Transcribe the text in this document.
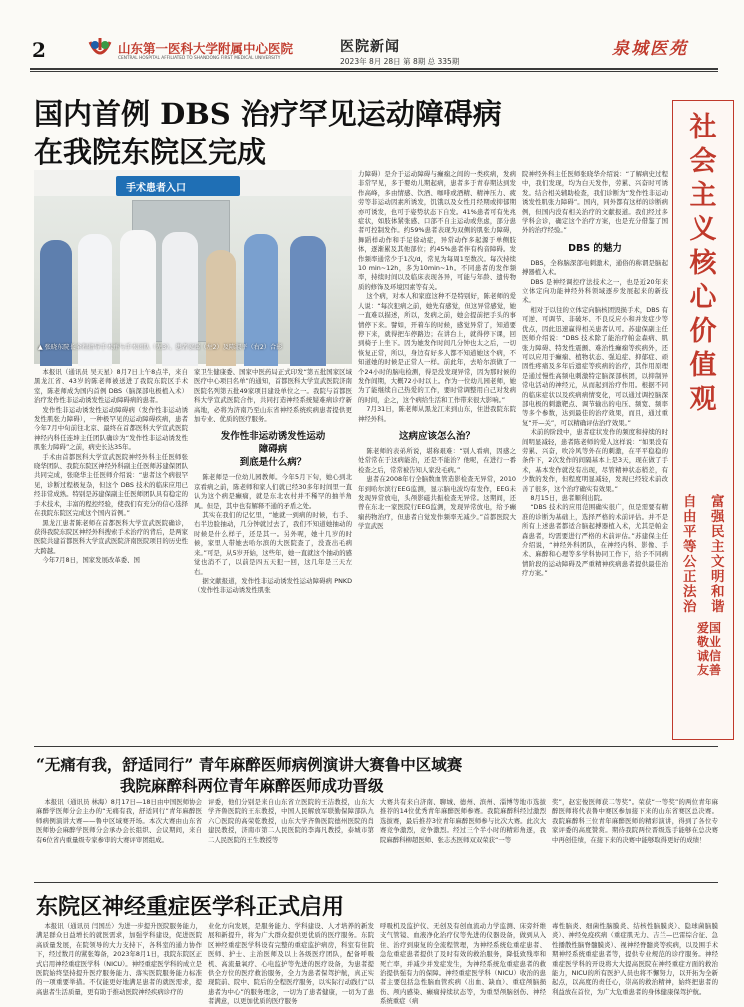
2	山东第一医科大学附属中心医院
CENTRAL HOSPITAL AFFILIATED TO SHANDONG FIRST MEDICAL UNIVERSITY
医院新闻
2023年 8月 28日 第 8期 总 335期
泉城医苑
国内首例 DBS 治疗罕见运动障碍病
在我院东院区完成
手术患者入口
▲ 张晓东院长全程指导手术并与手术团队（左3）、患者家属（左2）及陈淑平（右2）合影

本报讯（通讯员 吴天星）8月7日上午8点半，来自黑龙江省、43岁的陈老师被送进了我院东院区手术室，陈老师成为国内首例 DBS（脑深部电极植入术）治疗发作性非运动诱发性运动障碍病的患者。

发作性非运动诱发性运动障碍病（发作性非运动诱发性肌张力障碍），一种极罕见的运动障碍疾病，患者今年7月中旬前往北京、最终在首都医科大学宣武医院神经内科任连坤主任团队确诊为“发作性非运动诱发性肌张力障碍”之前，病史长达35年。

手术由首都医科大学宣武医院神经外科主任医师张晓华团队、我院东院区神经外科副主任医师苏建保团队共同完成，张晓华主任医师介绍说：“患者这个病很罕见，诊断过程极复杂，但这个 DBS 技术的临床应用已经非常成熟。特别是苏建保副主任医师团队具有稳定的手术技术，丰富的程控经验，使我们有充分的信心选择在我院东院区完成这个国内首例。”

黑龙江患者陈老师在首都医科大学宣武医院确诊，获得我院东院区神经外科搜索手术治疗的背后，是两家医院共建首都医科大学宣武医院济南医院项目的历史性大跨越。

今年7月8日，国家发展改革委、国

家卫生健康委、国家中医药局正式印发“第五批国家区域医疗中心项目名单”的通知，首都医科大学宣武医院济南医院名列第五批49家项目建设单位之一。我院与首都医科大学宣武医院合作，共同打造神经系统疑难病诊疗新高地，必将为济南乃至山东省神经系统疾病患者提供更加专业、优质的医疗服务。

发作性非运动诱发性运动
障碍病
到底是什么病？

陈老师是一位幼儿园教师。今年5月下旬，她心到北京看病之前，陈老师和家人们就已经30多年时间里一直认为这个病是癫痫，就是东北农村并不稀罕的抽羊角风。但是，其中也有解释不通的矛盾之处。

其实在我们的记忆里，“她就一到病的时候，右手、右半边脸抽动，几分钟就过去了，我们不知道她抽动的时候是什么样子，还是其一。另外呢，她十几岁的时候，家里人带她去哈尔滨的大医院查了，没查出毛病来。”可是，从5岁开始，这些年，她一直就这个抽动的感觉也消不了，以前是四五天犯一回，这几年是三天左右。

据文献报道，发作性非运动诱发性运动障碍病 PNKD（发作性非运动诱发性肌张

力障碍）是介于运动障碍与癫痫之间的一类疾病，发病非常罕见，多于婴幼儿期起病，患者多于青春期达到发作高峰，多由情感、饮酒、咖啡或酒精、精神压力、疲劳等非运动因素所诱发，饥饿以及女性月经期或抑郁期亦可诱发，也可于姿势状态下自发。41%患者可有先兆症状，如肢体紧张感、口部不自主运动或焦虑，部分患者可控制发作。约59%患者表现为双侧的肌张力障碍，舞蹈样动作和手足徐动症，异常动作多起源于单侧肢体，逐渐累及其他部位；约45%患者伴有构音障碍。发作频率通常少于1次/d，常见为每周1至数次。每次持续10 min~12h，多为10min~1h。不同患者的发作频率，持续时间以及临床表现各异，可能与年龄、遗传物质的修饰及环境因素等有关。

这个病，对本人和家庭这种不是特别好，陈老师的爱人说：“每次犯病之前，她先有感觉，但这异常感觉，她一直难以描述，所以，发病之前，她会提前把手头的事情停下来。譬如，开着车的时候，感觉异常了，知道要停下来，就得把车停路边；在讲台上，就得停下课，回到椅子上坐下。因为她发作时间几分钟也太之后，一切恢复正常，所以，身边有好多人都不知道她这个病，不知道她的时候是正常人一样。前此年，去哈尔滨做了一个24小时的脑电检测，得是没发现异常，因为那时候的发作间期，大概72小时以上。作为一位幼儿园老师，她为了能继续自己热爱的工作，要时常调整用自己对发病的时间，企之，这个病给生活和工作带来很大影响。”

7月31日，陈老师从黑龙江来到山东，住进我院东院神经外科。

这病应该怎么治？

陈老师的表弟所说，堪称艰难：“别人看病，因感之处常常在于这病能治，还是不能治？他呢，在进行一番检查之后，常常被告知人家没毛病。”

患者在2008年行全脑数血管造影检查无异常，2010年到哈尔滨行EEG监测，显示脑电波均有发作，EEG未发现异常放电，头颅影磁共振检查无异常。这期间，还曾在东北一家医院行EEG监测，发现异常放电，给予癫痫药物治疗，但患者自觉发作频率无减少。”首都医院大学宣武医

院神经外科主任医师张晓华介绍说：“了解病史过程中，我们发现，均为白天发作，劳累、兴奋时可诱发。结合相关辅助检查，我们诊断为“发作性非运动诱发性肌张力障碍”。国内，同外都有这样的诊断病例，但国内没有相关治疗的文献报道。我们经过多学科会诊，确定这个治疗方案，也是充分借鉴了国外的治疗经验。”

DBS 的魅力

DBS，全称脑深部电刺激术，通俗的称谓是脑起搏器植入术。

DBS 是神经调控疗法技术之一，也是近20年来立体定向功能神经外科领域逐步发展起来的新技术。

相对于以往的立体定向脑核团毁损手术，DBS 有可逆、可调节、非破坏、不良反应小和并发症少等优点，因此迅速赢得相关患者认可。苏建保副主任医师介绍说：“DBS 技术除了能治疗帕金森病、肌张力障碍、特发性震颤、难治性癫痫等疾病外，还可以应用于癫痫、植物状态、强迫症、抑郁症、顽固性疼痛及多年后遗症等疾病的治疗，其作用原理是通过慢性高频电刺激特定脑深部核团，以抑制异常电活动的神经元，从而起到治疗作用。根据不同的临床症状以及疾病病情变化，可以通过调控脑深部电极的刺激靶点、调节输出的电压、频宽、频率等多个参数，达到最佳的治疗效果，而且，通过重复“开—关”，可以精确评估治疗效果。”

术前的阶段中，患者症状发作的频度和持续的时间明显减轻，患者陈老师的爱人这样说：“如果没有劳累、兴奋，吹冷风等外在的刺激，在平平稳稳的条件下，2次发作的间隔基本上是3天，现在做了手术，基本发作就没有出现，尽管精神状态稍差，有少数的发作，但程度明显减轻，发现已经较术前改善了很多，这个治疗确实有效果。”

8月15日，患者顺利出院。

“DBS 技术的应用范围确实很广，但是需要有精准的诊断为基础上，选择严格的术前评估。并不是所有上述患者都适合脑起搏器植入术，尤其是帕金森患者，均需要进行严格的术前评估。”苏建保主任介绍说，“神经外科团队，在神经内科、影像、手术、麻醉和心理等多学科协同工作下，给予不同病情阶段的运动障碍及严重精神疾病患者提供最佳治疗方案。”

社会主义核心价值观
富强民主文明和谐
自由平等公正法治
爱国敬业诚信友善
“无痛有我，舒适同行” 青年麻醉医师病例演讲大赛鲁中区域赛
我院麻醉科两位青年麻醉医师成功晋级
本报讯（通讯员 林海）8月17日—18日由中国医师协会麻醉学医师分会主办的“无痛有我，舒适同行”青年麻醉医师病例演讲大赛——鲁中区域赛开场。本次大赛由山东省医师协会麻醉学医师分会承办会长组织、会议期间，来自有6位省内重量级专家参审的大赛评审团组成。
评委，他们分别是来自山东省立医院的王洁教授，山东大学齐鲁医院的王东教授，中国人民解放军联勤保障部队九六〇医院的高荣乾教授，山东大学齐鲁医院德州医院的肖建民教授，济南市第二人民医院的李海凡教授，泰城市第二人民医院的王生教授等
大赛共有来自济南、聊城、德州、滨州、淄博等地市选拔推荐的14位优秀青年麻醉医师参赛。我院麻醉科经过激烈选拔赛，最后推荐3位青年麻醉医师参与比次大赛。此次大赛竞争激烈，竞争激烈。经过三个半小时的精彩角逐，我院麻醉科柳超医师、张志杰医师双双荣获“一等
奖”，赵宏俊医师获二等奖”。荣获“一等奖”的两位青年麻醉医师将代表鲁中赛区参加接下来的山东省赛区总决赛。我院麻醉科三位青年麻醉医师的精彩演讲，得到了各位专家评委的高度赞赏。期待我院两位晋级选手能够在总决赛中再创佳绩，在接下来的决赛中能够取得更好的成绩！
东院区神经重症医学科正式启用
本报讯（通讯员 闫国岳）为进一步提升医院服务能力，满足群众日益增长的就医需求，加强学科建设，促进医院高质量发展，在院领导的大力支持下，各科室的通力协作下，经过数月的紧张筹备，2023年8月1日，我院东院区正式启用神经重症医学科（NICU）。神经重症医学科的成立是医院始终坚持提升医疗服务能力、落实医院服务能力标准的一项重要举措。不仅能更好地满足患者的就医需求，提高患者生活质量，更有助于推动医院神经疾病诊疗的
业化方向发展，是服务能力、学科建设、人才培养的新发展和新提升，将为广大群众提供更优质的医疗服务。东院区神经重症医学科设有完整的重症监护病房，科室有住院医师、护士、主治医师及以上各级医疗团队，配备呼吸机、高流量氧疗、心电监护等先进的医疗设备，为患者提供全方位的医疗救治服务，全力为患者保驾护航，真正实现院前、院中、院后的全程医疗服务，以实际行动践行“以患者为中心”的服务理念，一切为了患者健康，一切为了患者满意，以更加优质的医疗服务
呼吸机及监护仪、无创及有创血流动力学监测、床旁纤维支气管镜、血液净化治疗仪等先进的仪器设备，做到从入住、治疗到康复的全流程管理，为神经系统危重症患者、急危重症患者提供了及时有效的救治服务，降低致残率和死亡率，并减少并发症发生，为神经系统危重症患者的救治提供强有力的保障。神经重症医学科（NICU）收治的患者主要包括急性脑血管疾病（出血、缺血）、重症颅脑损伤、颅内感染、癫痫持续状态等，为重型颅脑创伤、神经系统重症（病
毒性脑炎、细菌性脑膜炎、结核性脑膜炎）、隐球菌脑膜炎）、神经免疫疾病（重症肌无力、吉兰—巴雷综合征、急性播散性脑脊髓膜炎）、视神经脊髓炎等疾病，以及围手术期神经系统重症患者等，提供专业规范的诊疗服务。神经重症医学科的开设将大大提高医院在神经重症方面的救治能力，NICU的所有医护人员也将不懈努力，以开拓为全新起点，以高度的责任心，崇高的救治精神，始终把患者的利益放在首位，为广大危重患者的身体健康保驾护航。
